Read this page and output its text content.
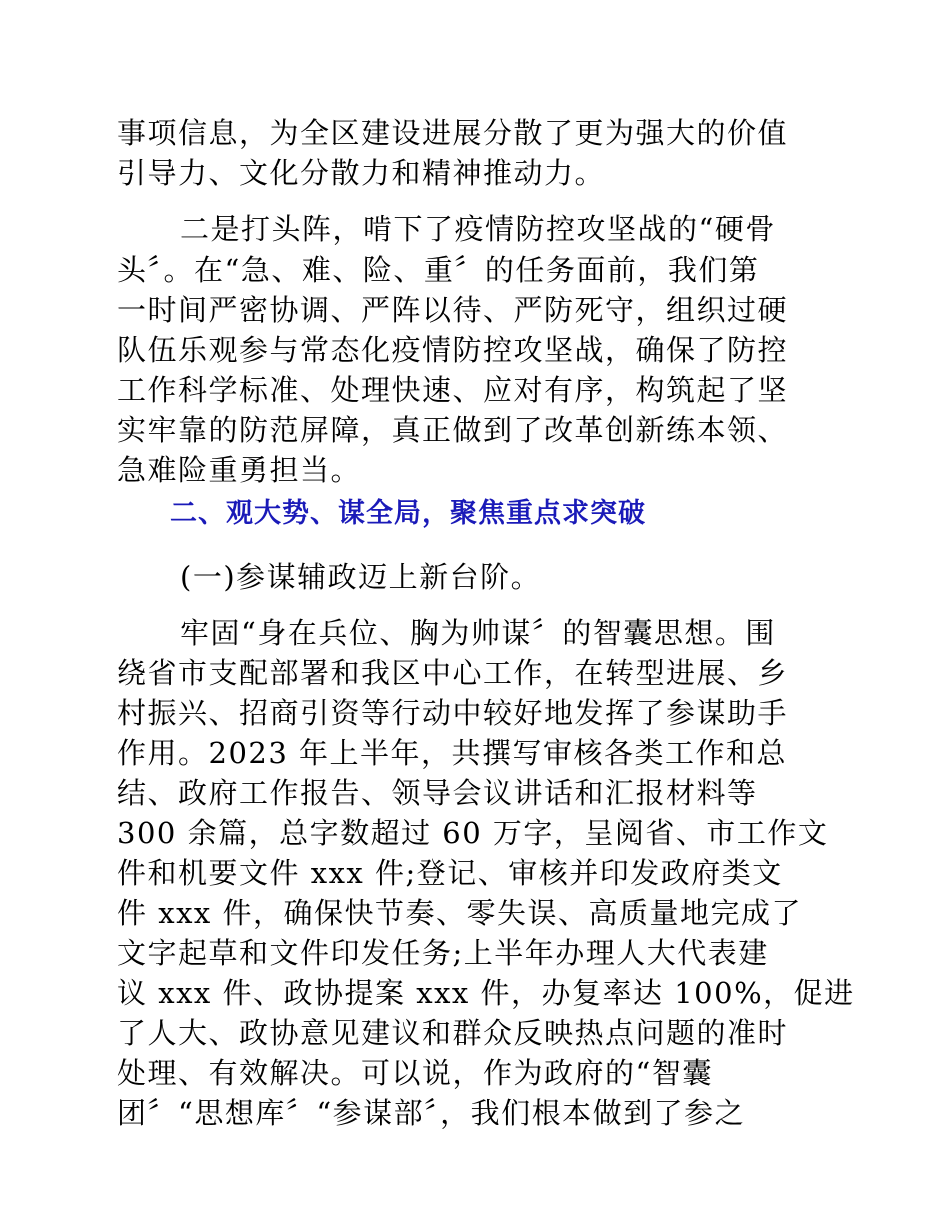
事项信息，为全区建设进展分散了更为强大的价值
引导力、文化分散力和精神推动力。
二是打头阵，啃下了疫情防控攻坚战的“硬骨
头〞。在“急、难、险、重〞的任务面前，我们第
一时间严密协调、严阵以待、严防死守，组织过硬
队伍乐观参与常态化疫情防控攻坚战，确保了防控
工作科学标准、处理快速、应对有序，构筑起了坚
实牢靠的防范屏障，真正做到了改革创新练本领、
急难险重勇担当。
二、观大势、谋全局，聚焦重点求突破
(一)参谋辅政迈上新台阶。
牢固“身在兵位、胸为帅谋〞的智囊思想。围
绕省市支配部署和我区中心工作，在转型进展、乡
村振兴、招商引资等行动中较好地发挥了参谋助手
作用。2023 年上半年，共撰写审核各类工作和总
结、政府工作报告、领导会议讲话和汇报材料等
300 余篇，总字数超过 60 万字，呈阅省、市工作文
件和机要文件 xxx 件;登记、审核并印发政府类文
件 xxx 件，确保快节奏、零失误、高质量地完成了
文字起草和文件印发任务;上半年办理人大代表建
议 xxx 件、政协提案 xxx 件，办复率达 100%，促进
了人大、政协意见建议和群众反映热点问题的准时
处理、有效解决。可以说，作为政府的“智囊
团〞“思想库〞“参谋部〞，我们根本做到了参之
